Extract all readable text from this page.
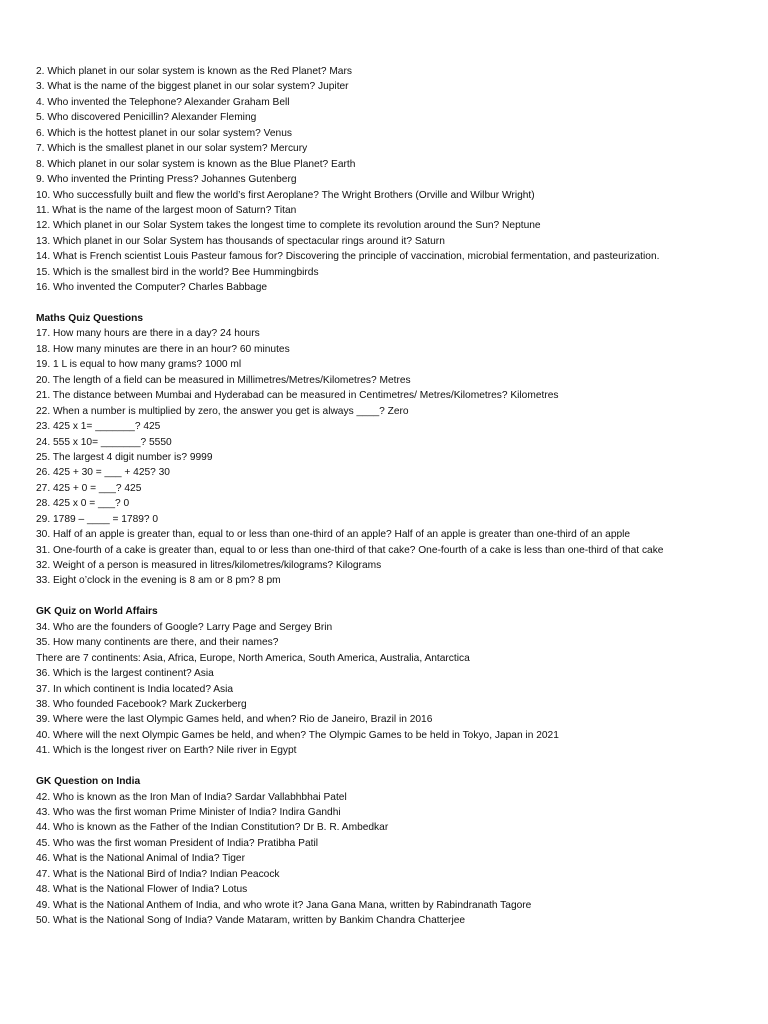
2. Which planet in our solar system is known as the Red Planet? Mars
3. What is the name of the biggest planet in our solar system? Jupiter
4. Who invented the Telephone? Alexander Graham Bell
5. Who discovered Penicillin? Alexander Fleming
6. Which is the hottest planet in our solar system? Venus
7. Which is the smallest planet in our solar system? Mercury
8. Which planet in our solar system is known as the Blue Planet? Earth
9. Who invented the Printing Press? Johannes Gutenberg
10. Who successfully built and flew the world’s first Aeroplane? The Wright Brothers (Orville and Wilbur Wright)
11. What is the name of the largest moon of Saturn? Titan
12. Which planet in our Solar System takes the longest time to complete its revolution around the Sun? Neptune
13. Which planet in our Solar System has thousands of spectacular rings around it? Saturn
14. What is French scientist Louis Pasteur famous for? Discovering the principle of vaccination, microbial fermentation, and pasteurization.
15. Which is the smallest bird in the world? Bee Hummingbirds
16. Who invented the Computer? Charles Babbage
Maths Quiz Questions
17. How many hours are there in a day? 24 hours
18. How many minutes are there in an hour? 60 minutes
19. 1 L is equal to how many grams? 1000 ml
20. The length of a field can be measured in Millimetres/Metres/Kilometres? Metres
21. The distance between Mumbai and Hyderabad can be measured in Centimetres/ Metres/Kilometres? Kilometres
22. When a number is multiplied by zero, the answer you get is always ____? Zero
23. 425 x 1= _______? 425
24. 555 x 10= _______? 5550
25. The largest 4 digit number is? 9999
26. 425 + 30 = ___ + 425? 30
27. 425 + 0 = ___? 425
28. 425 x 0 = ___? 0
29. 1789 – ____ = 1789? 0
30. Half of an apple is greater than, equal to or less than one-third of an apple? Half of an apple is greater than one-third of an apple
31. One-fourth of a cake is greater than, equal to or less than one-third of that cake? One-fourth of a cake is less than one-third of that cake
32. Weight of a person is measured in litres/kilometres/kilograms? Kilograms
33. Eight o’clock in the evening is 8 am or 8 pm? 8 pm
GK Quiz on World Affairs
34. Who are the founders of Google? Larry Page and Sergey Brin
35. How many continents are there, and their names?
There are 7 continents: Asia, Africa, Europe, North America, South America, Australia, Antarctica
36. Which is the largest continent? Asia
37. In which continent is India located? Asia
38. Who founded Facebook? Mark Zuckerberg
39. Where were the last Olympic Games held, and when? Rio de Janeiro, Brazil in 2016
40. Where will the next Olympic Games be held, and when? The Olympic Games to be held in Tokyo, Japan in 2021
41. Which is the longest river on Earth? Nile river in Egypt
GK Question on India
42. Who is known as the Iron Man of India? Sardar Vallabhbhai Patel
43. Who was the first woman Prime Minister of India? Indira Gandhi
44. Who is known as the Father of the Indian Constitution? Dr B. R. Ambedkar
45. Who was the first woman President of India? Pratibha Patil
46. What is the National Animal of India? Tiger
47. What is the National Bird of India? Indian Peacock
48. What is the National Flower of India? Lotus
49. What is the National Anthem of India, and who wrote it? Jana Gana Mana, written by Rabindranath Tagore
50. What is the National Song of India? Vande Mataram, written by Bankim Chandra Chatterjee
